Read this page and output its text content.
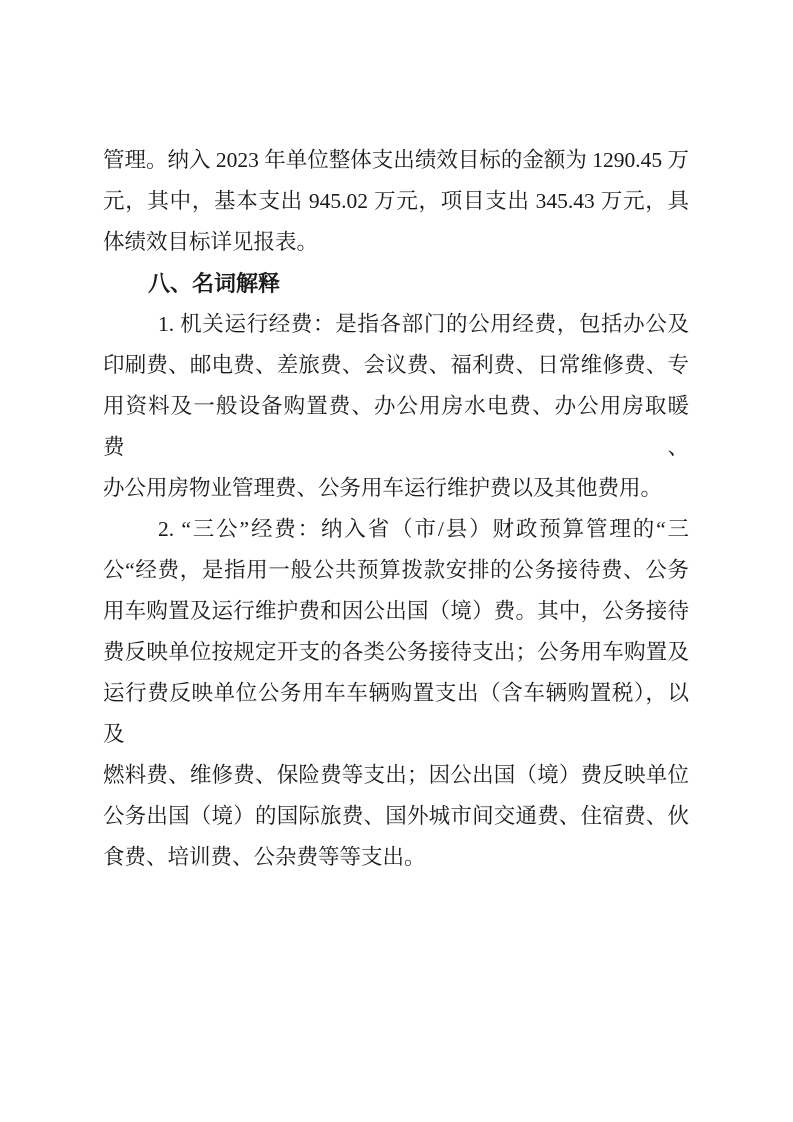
管理。纳入 2023 年单位整体支出绩效目标的金额为 1290.45 万
元，其中，基本支出 945.02 万元，项目支出 345.43 万元，具
体绩效目标详见报表。
八、名词解释
1. 机关运行经费：是指各部门的公用经费，包括办公及
印刷费、邮电费、差旅费、会议费、福利费、日常维修费、专
用资料及一般设备购置费、办公用房水电费、办公用房取暖费、
办公用房物业管理费、公务用车运行维护费以及其他费用。
2. “三公”经费：纳入省（市/县）财政预算管理的“三
公“经费，是指用一般公共预算拨款安排的公务接待费、公务
用车购置及运行维护费和因公出国（境）费。其中，公务接待
费反映单位按规定开支的各类公务接待支出；公务用车购置及
运行费反映单位公务用车车辆购置支出（含车辆购置税），以及
燃料费、维修费、保险费等支出；因公出国（境）费反映单位
公务出国（境）的国际旅费、国外城市间交通费、住宿费、伙
食费、培训费、公杂费等等支出。
